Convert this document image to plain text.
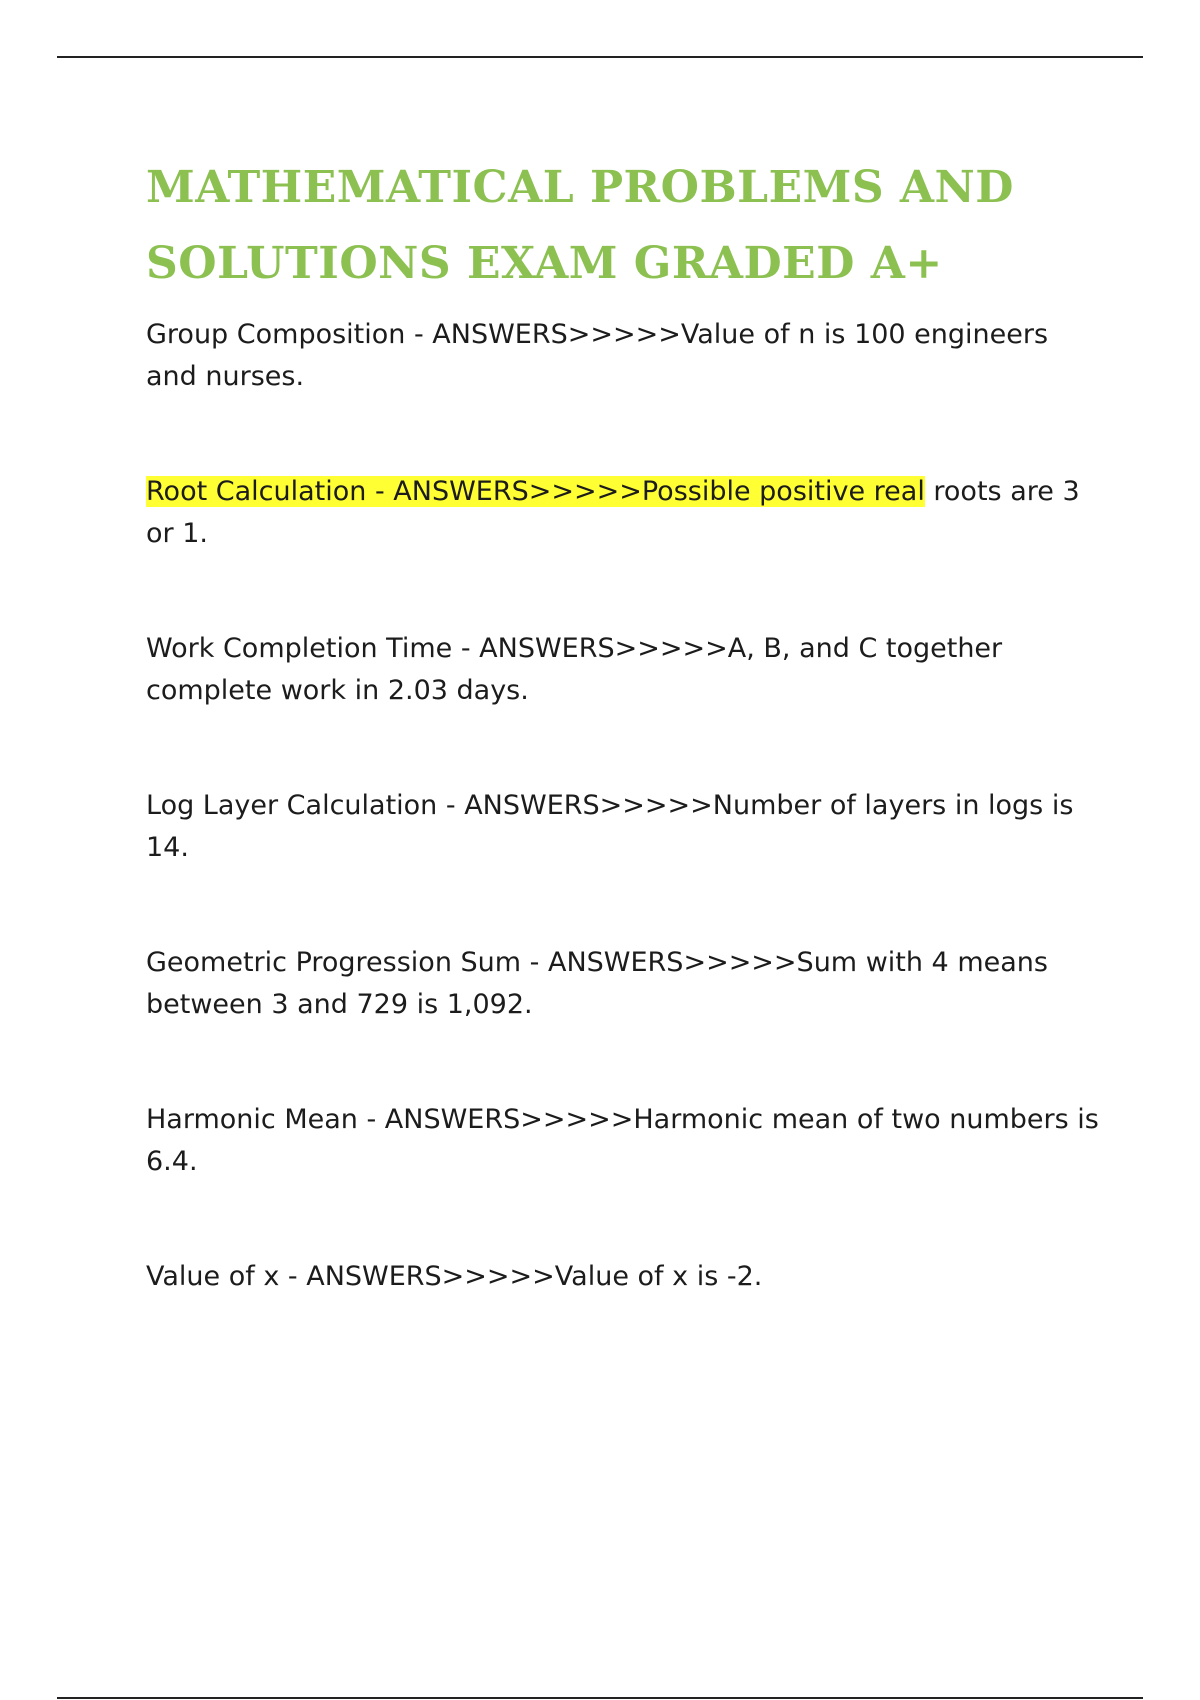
MATHEMATICAL PROBLEMS AND
SOLUTIONS EXAM GRADED A+

Group Composition - ANSWERS>>>>>Value of n is 100 engineers and nurses.

Root Calculation - ANSWERS>>>>>Possible positive real roots are 3 or 1.

Work Completion Time - ANSWERS>>>>>A, B, and C together complete work in 2.03 days.

Log Layer Calculation - ANSWERS>>>>>Number of layers in logs is 14.

Geometric Progression Sum - ANSWERS>>>>>Sum with 4 means between 3 and 729 is 1,092.

Harmonic Mean - ANSWERS>>>>>Harmonic mean of two numbers is 6.4.

Value of x - ANSWERS>>>>>Value of x is -2.
